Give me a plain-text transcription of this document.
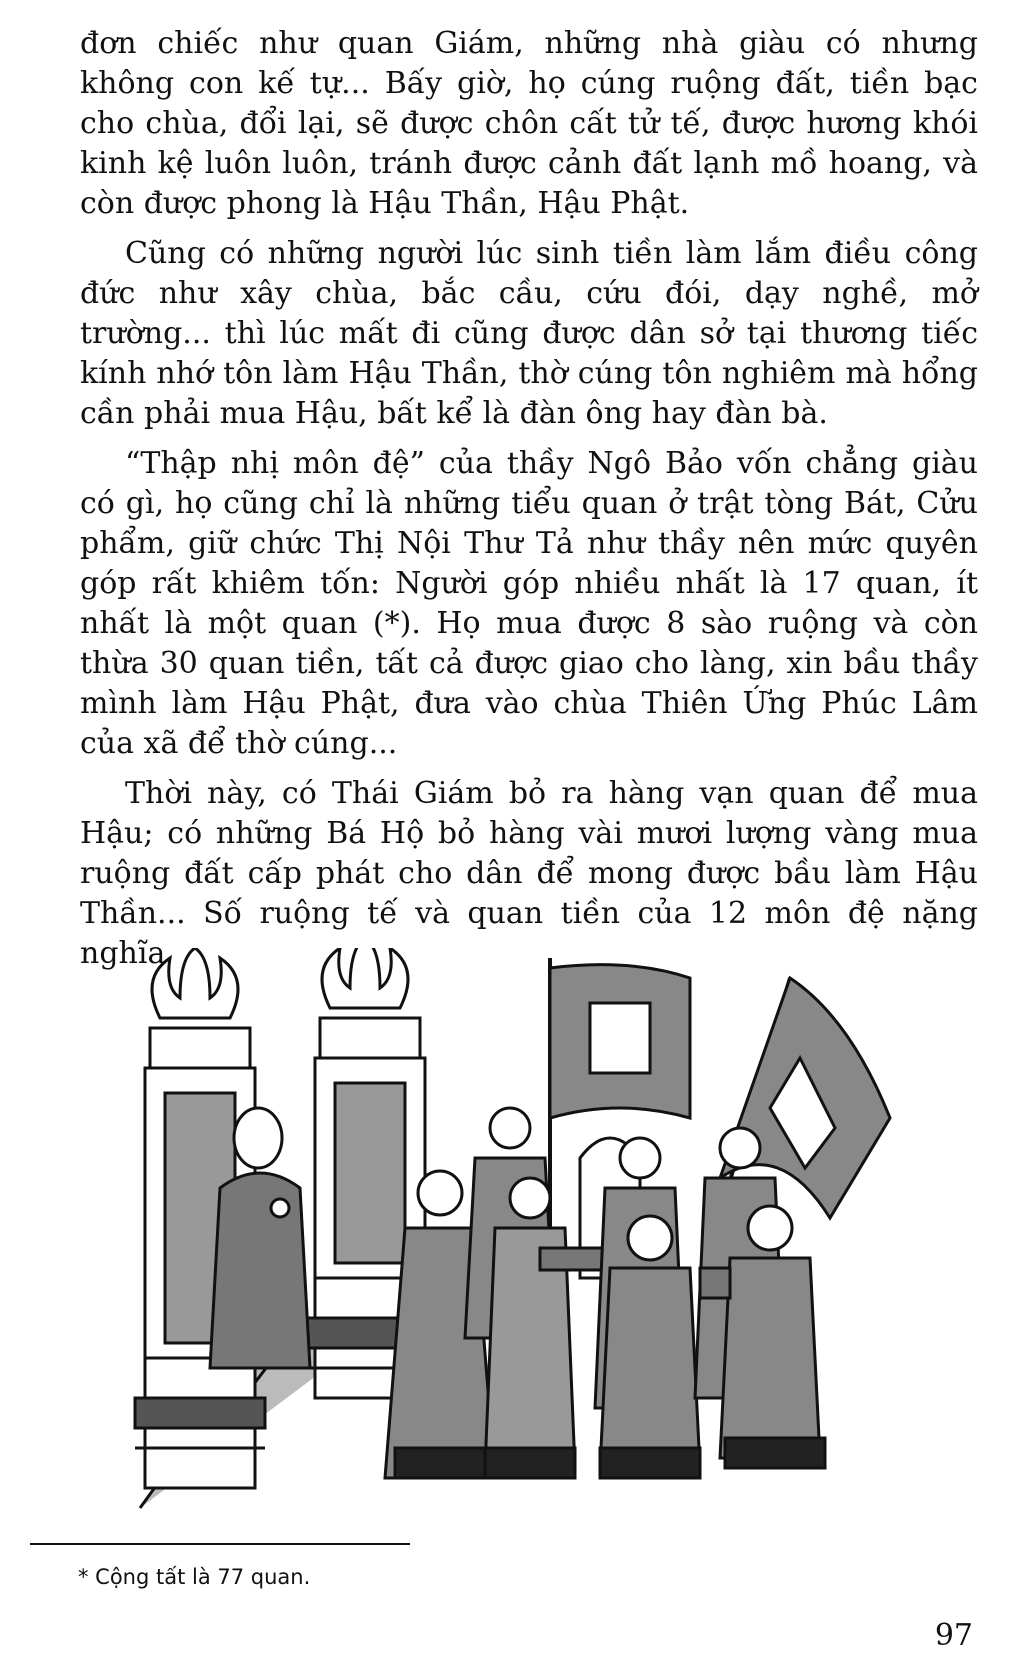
đơn chiếc như quan Giám, những nhà giàu có nhưng không con kế tự... Bấy giờ, họ cúng ruộng đất, tiền bạc cho chùa, đổi lại, sẽ được chôn cất tử tế, được hương khói kinh kệ luôn luôn, tránh được cảnh đất lạnh mồ hoang, và còn được phong là Hậu Thần, Hậu Phật.

Cũng có những người lúc sinh tiền làm lắm điều công đức như xây chùa, bắc cầu, cứu đói, dạy nghề, mở trường... thì lúc mất đi cũng được dân sở tại thương tiếc kính nhớ tôn làm Hậu Thần, thờ cúng tôn nghiêm mà hổng cần phải mua Hậu, bất kể là đàn ông hay đàn bà.

“Thập nhị môn đệ” của thầy Ngô Bảo vốn chẳng giàu có gì, họ cũng chỉ là những tiểu quan ở trật tòng Bát, Cửu phẩm, giữ chức Thị Nội Thư Tả như thầy nên mức quyên góp rất khiêm tốn: Người góp nhiều nhất là 17 quan, ít nhất là một quan (*). Họ mua được 8 sào ruộng và còn thừa 30 quan tiền, tất cả được giao cho làng, xin bầu thầy mình làm Hậu Phật, đưa vào chùa Thiên Ứng Phúc Lâm của xã để thờ cúng...

Thời này, có Thái Giám bỏ ra hàng vạn quan để mua Hậu; có những Bá Hộ bỏ hàng vài mươi lượng vàng mua ruộng đất cấp phát cho dân để mong được bầu làm Hậu Thần... Số ruộng tế và quan tiền của 12 môn đệ nặng nghĩa

* Cộng tất là 77 quan.
97
